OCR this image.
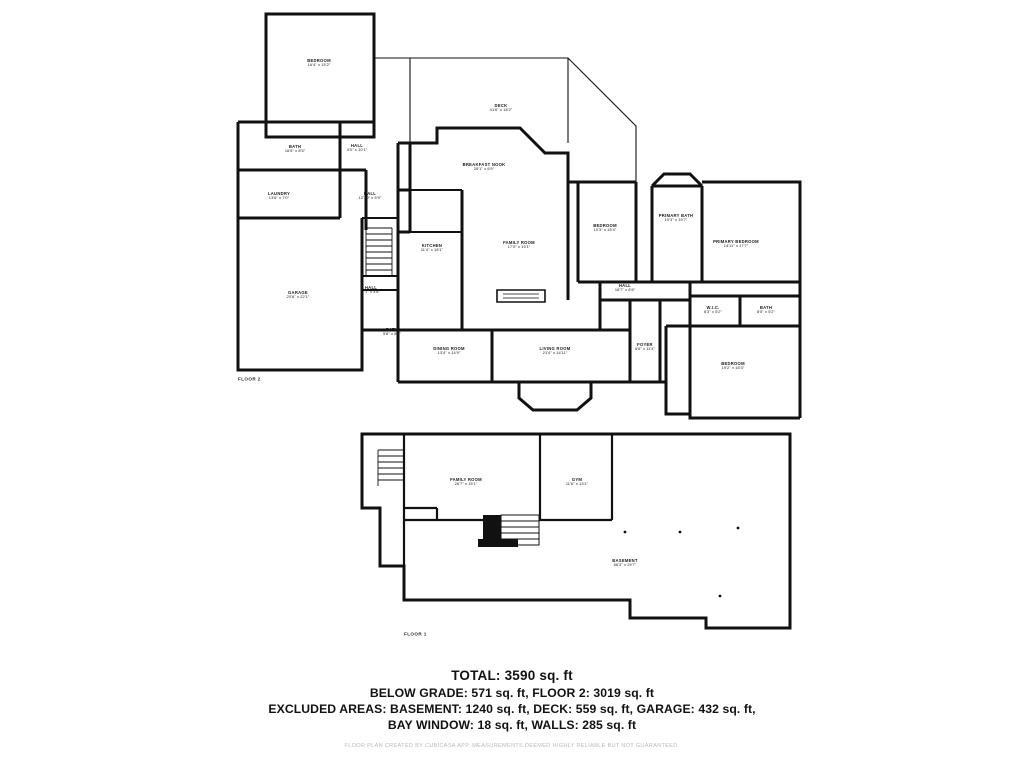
BEDROOM
16'4" x 15'2"
DECK
41'6" x 18'2"
BATH
16'5" x 8'5"
HALL
4'0" x 10'1"
BREAKFAST NOOK
26'1" x 6'9"
LAUNDRY
13'6" x 7'0"
HALL
12'10" x 5'9"
PRIMARY BATH
10'3" x 15'7"
BEDROOM
10'3" x 15'4"
PRIMARY BEDROOM
14'11" x 17'7"
KITCHEN
11'4" x 18'1"
FAMILY ROOM
17'0" x 19'1"
HALL
18'7" x 6'6"
HALL
7'1" x 4'8"
W.I.C.
6'3" x 5'2"
BATH
8'5" x 5'2"
BATH
5'8" x 8'0"
FOYER
5'5" x 11'4"
LIVING ROOM
21'4" x 14'11"
DINING ROOM
13'4" x 14'9"
GARAGE
20'6" x 22'1"
BEDROOM
19'2" x 15'3"
FAMILY ROOM
26'7" x 15'1"
GYM
11'6" x 13'1"
BASEMENT
66'3" x 29'7"
FLOOR 2
FLOOR 1
TOTAL: 3590 sq. ft
BELOW GRADE: 571 sq. ft, FLOOR 2: 3019 sq. ft
EXCLUDED AREAS: BASEMENT: 1240 sq. ft, DECK: 559 sq. ft, GARAGE: 432 sq. ft,
BAY WINDOW: 18 sq. ft, WALLS: 285 sq. ft
FLOOR PLAN CREATED BY CUBICASA APP. MEASUREMENTS DEEMED HIGHLY RELIABLE BUT NOT GUARANTEED.
